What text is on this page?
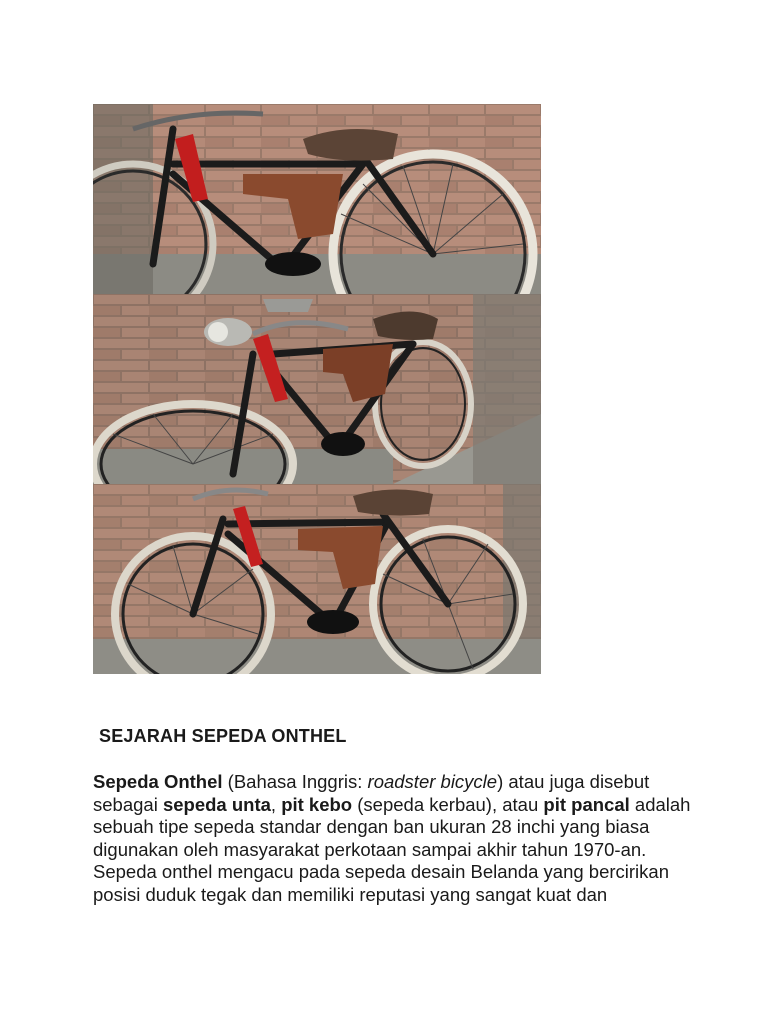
SEJARAH SEPEDA ONTHEL

Sepeda Onthel (Bahasa Inggris: roadster bicycle) atau juga disebut sebagai sepeda unta, pit kebo (sepeda kerbau), atau pit pancal adalah sebuah tipe sepeda standar dengan ban ukuran 28 inchi yang biasa digunakan oleh masyarakat perkotaan sampai akhir tahun 1970-an. Sepeda onthel mengacu pada sepeda desain Belanda yang bercirikan posisi duduk tegak dan memiliki reputasi yang sangat kuat dan
